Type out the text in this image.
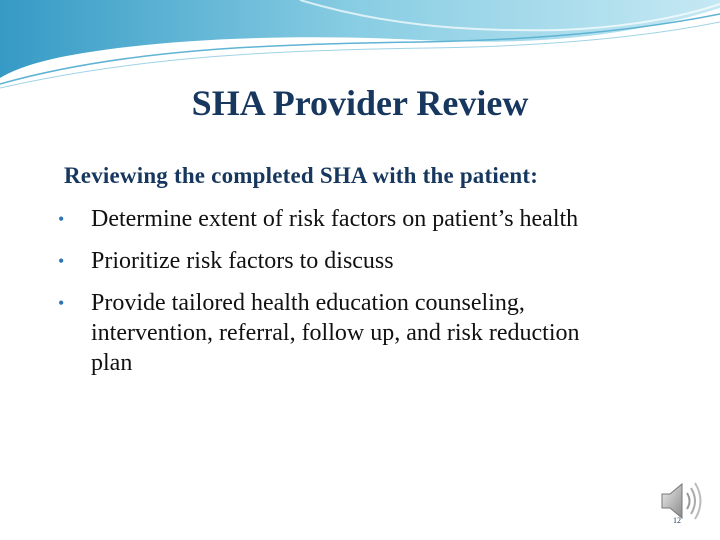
SHA Provider Review
Reviewing the completed SHA with the patient:
•	Determine extent of risk factors on patient’s health
•	Prioritize risk factors to discuss
•	Provide tailored health education counseling, intervention, referral, follow up, and risk reduction plan
12
